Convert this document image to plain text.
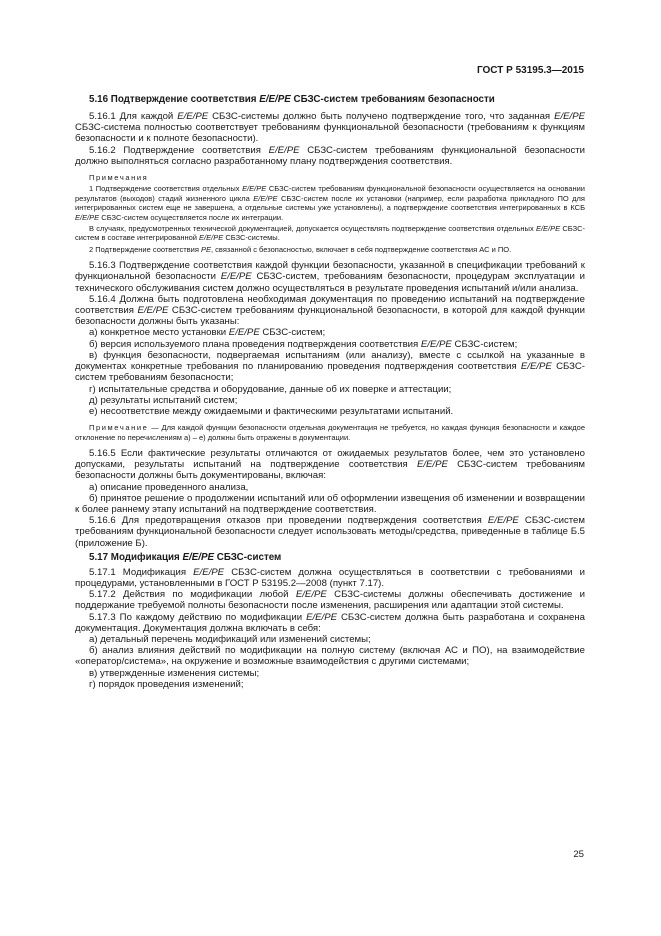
ГОСТ Р 53195.3—2015

5.16 Подтверждение соответствия E/E/PE СБЗС-систем требованиям безопасности

5.16.1 Для каждой E/E/PE СБЗС-системы должно быть получено подтверждение того, что заданная E/E/PE СБЗС-система полностью соответствует требованиям функциональной безопасности (требованиям к функциям безопасности и к полноте безопасности).

5.16.2 Подтверждение соответствия E/E/PE СБЗС-систем требованиям функциональной безопасности должно выполняться согласно разработанному плану подтверждения соответствия.

Примечания

1 Подтверждение соответствия отдельных E/E/PE СБЗС-систем требованиям функциональной безопасности осуществляется на основании результатов (выходов) стадий жизненного цикла E/E/PE СБЗС-систем после их установки (например, если разработка прикладного ПО для интегрированных систем еще не завершена, а отдельные системы уже установлены), а подтверждение соответствия интегрированных в КСБ E/E/PE СБЗС-систем осуществляется после их интеграции.

В случаях, предусмотренных технической документацией, допускается осуществлять подтверждение соответствия отдельных E/E/PE СБЗС-систем в составе интегрированной E/E/PE СБЗС-системы.

2 Подтверждение соответствия PE, связанной с безопасностью, включает в себя подтверждение соответствия АС и ПО.

5.16.3 Подтверждение соответствия каждой функции безопасности, указанной в спецификации требований к функциональной безопасности E/E/PE СБЗС-систем, требованиям безопасности, процедурам эксплуатации и технического обслуживания систем должно осуществляться в результате проведения испытаний и/или анализа.

5.16.4 Должна быть подготовлена необходимая документация по проведению испытаний на подтверждение соответствия E/E/PE СБЗС-систем требованиям функциональной безопасности, в которой для каждой функции безопасности должны быть указаны:

а) конкретное место установки E/E/PE СБЗС-систем;

б) версия используемого плана проведения подтверждения соответствия E/E/PE СБЗС-систем;

в) функция безопасности, подвергаемая испытаниям (или анализу), вместе с ссылкой на указанные в документах конкретные требования по планированию проведения подтверждения соответствия E/E/PE СБЗС-систем требованиям безопасности;

г) испытательные средства и оборудование, данные об их поверке и аттестации;

д) результаты испытаний систем;

е) несоответствие между ожидаемыми и фактическими результатами испытаний.

Примечание — Для каждой функции безопасности отдельная документация не требуется, но каждая функция безопасности и каждое отклонение по перечислениям а) – е) должны быть отражены в документации.

5.16.5 Если фактические результаты отличаются от ожидаемых результатов более, чем это установлено допусками, результаты испытаний на подтверждение соответствия E/E/PE СБЗС-систем требованиям безопасности должны быть документированы, включая:

а) описание проведенного анализа,

б) принятое решение о продолжении испытаний или об оформлении извещения об изменении и возвращении к более раннему этапу испытаний на подтверждение соответствия.

5.16.6 Для предотвращения отказов при проведении подтверждения соответствия E/E/PE СБЗС-систем требованиям функциональной безопасности следует использовать методы/средства, приведенные в таблице Б.5 (приложение Б).

5.17 Модификация E/E/PE СБЗС-систем

5.17.1 Модификация E/E/PE СБЗС-систем должна осуществляться в соответствии с требованиями и процедурами, установленными в ГОСТ Р 53195.2—2008 (пункт 7.17).

5.17.2 Действия по модификации любой E/E/PE СБЗС-системы должны обеспечивать достижение и поддержание требуемой полноты безопасности после изменения, расширения или адаптации этой системы.

5.17.3 По каждому действию по модификации E/E/PE СБЗС-систем должна быть разработана и сохранена документация. Документация должна включать в себя:

а) детальный перечень модификаций или изменений системы;

б) анализ влияния действий по модификации на полную систему (включая АС и ПО), на взаимодействие «оператор/система», на окружение и возможные взаимодействия с другими системами;

в) утвержденные изменения системы;

г) порядок проведения изменений;

25
